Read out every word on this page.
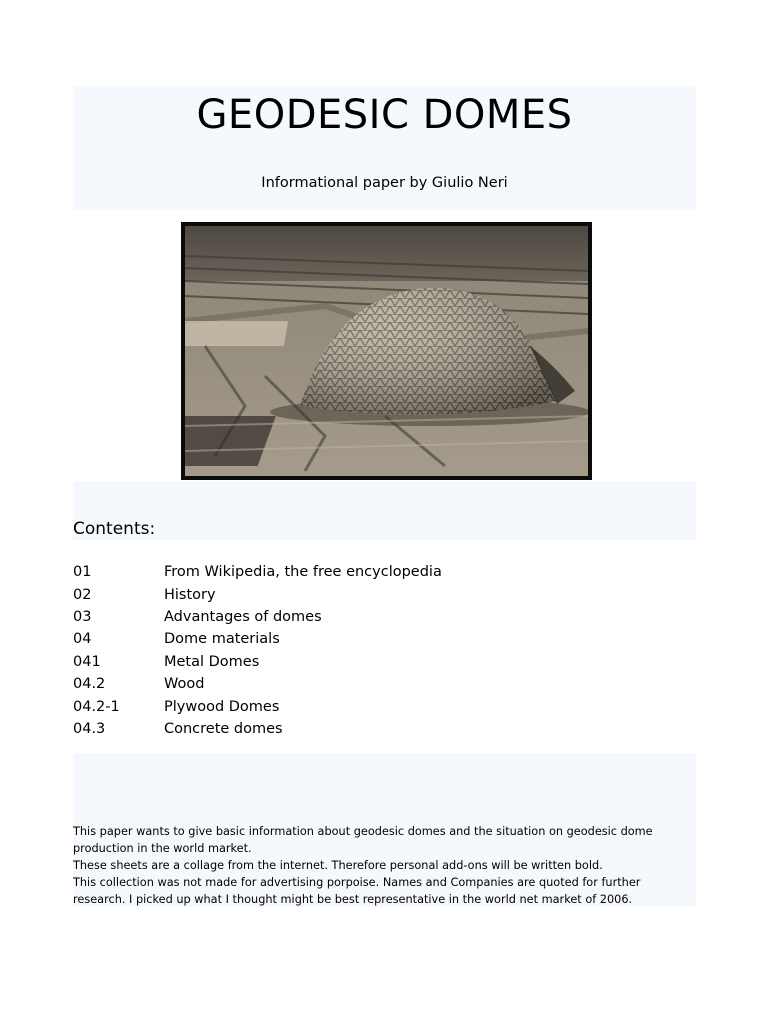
GEODESIC DOMES
Informational paper by Giulio Neri
Contents:
01	From Wikipedia, the free encyclopedia
02	History
03	Advantages of domes
04	Dome materials
041	Metal Domes
04.2	Wood
04.2-1	Plywood Domes
04.3	Concrete domes

This paper wants to give basic information about geodesic domes and the situation on geodesic dome production in the world market.

These sheets are a collage from the internet. Therefore personal add-ons will be written bold.

This collection was not made for advertising porpoise. Names and Companies are quoted for further research. I picked up what I thought might be best representative in the world net market of 2006.
